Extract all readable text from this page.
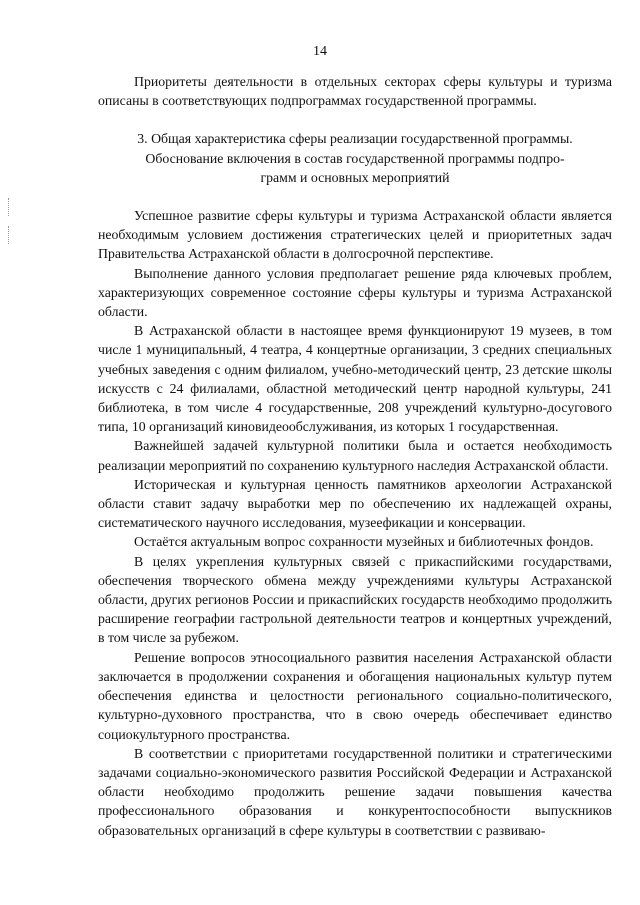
14

Приоритеты деятельности в отдельных секторах сферы культуры и туризма описаны в соответствующих подпрограммах государственной программы.

3. Общая характеристика сферы реализации государственной программы.
Обоснование включения в состав государственной программы подпро-
грамм и основных мероприятий

Успешное развитие сферы культуры и туризма Астраханской области является необходимым условием достижения стратегических целей и приоритетных задач Правительства Астраханской области в долгосрочной перспективе.

Выполнение данного условия предполагает решение ряда ключевых проблем, характеризующих современное состояние сферы культуры и туризма Астраханской области.

В Астраханской области в настоящее время функционируют 19 музеев, в том числе 1 муниципальный, 4 театра, 4 концертные организации, 3 средних специальных учебных заведения с одним филиалом, учебно-методический центр, 23 детские школы искусств с 24 филиалами, областной методический центр народной культуры, 241 библиотека, в том числе 4 государственные, 208 учреждений культурно-досугового типа, 10 организаций киновидеообслуживания, из которых 1 государственная.

Важнейшей задачей культурной политики была и остается необходимость реализации мероприятий по сохранению культурного наследия Астраханской области.

Историческая и культурная ценность памятников археологии Астраханской области ставит задачу выработки мер по обеспечению их надлежащей охраны, систематического научного исследования, музеефикации и консервации.

Остаётся актуальным вопрос сохранности музейных и библиотечных фондов.

В целях укрепления культурных связей с прикаспийскими государствами, обеспечения творческого обмена между учреждениями культуры Астраханской области, других регионов России и прикаспийских государств необходимо продолжить расширение географии гастрольной деятельности театров и концертных учреждений, в том числе за рубежом.

Решение вопросов этносоциального развития населения Астраханской области заключается в продолжении сохранения и обогащения национальных культур путем обеспечения единства и целостности регионального социально-политического, культурно-духовного пространства, что в свою очередь обеспечивает единство социокультурного пространства.

В соответствии с приоритетами государственной политики и стратегическими задачами социально-экономического развития Российской Федерации и Астраханской области необходимо продолжить решение задачи повышения качества профессионального образования и конкурентоспособности выпускников образовательных организаций в сфере культуры в соответствии с развиваю-
